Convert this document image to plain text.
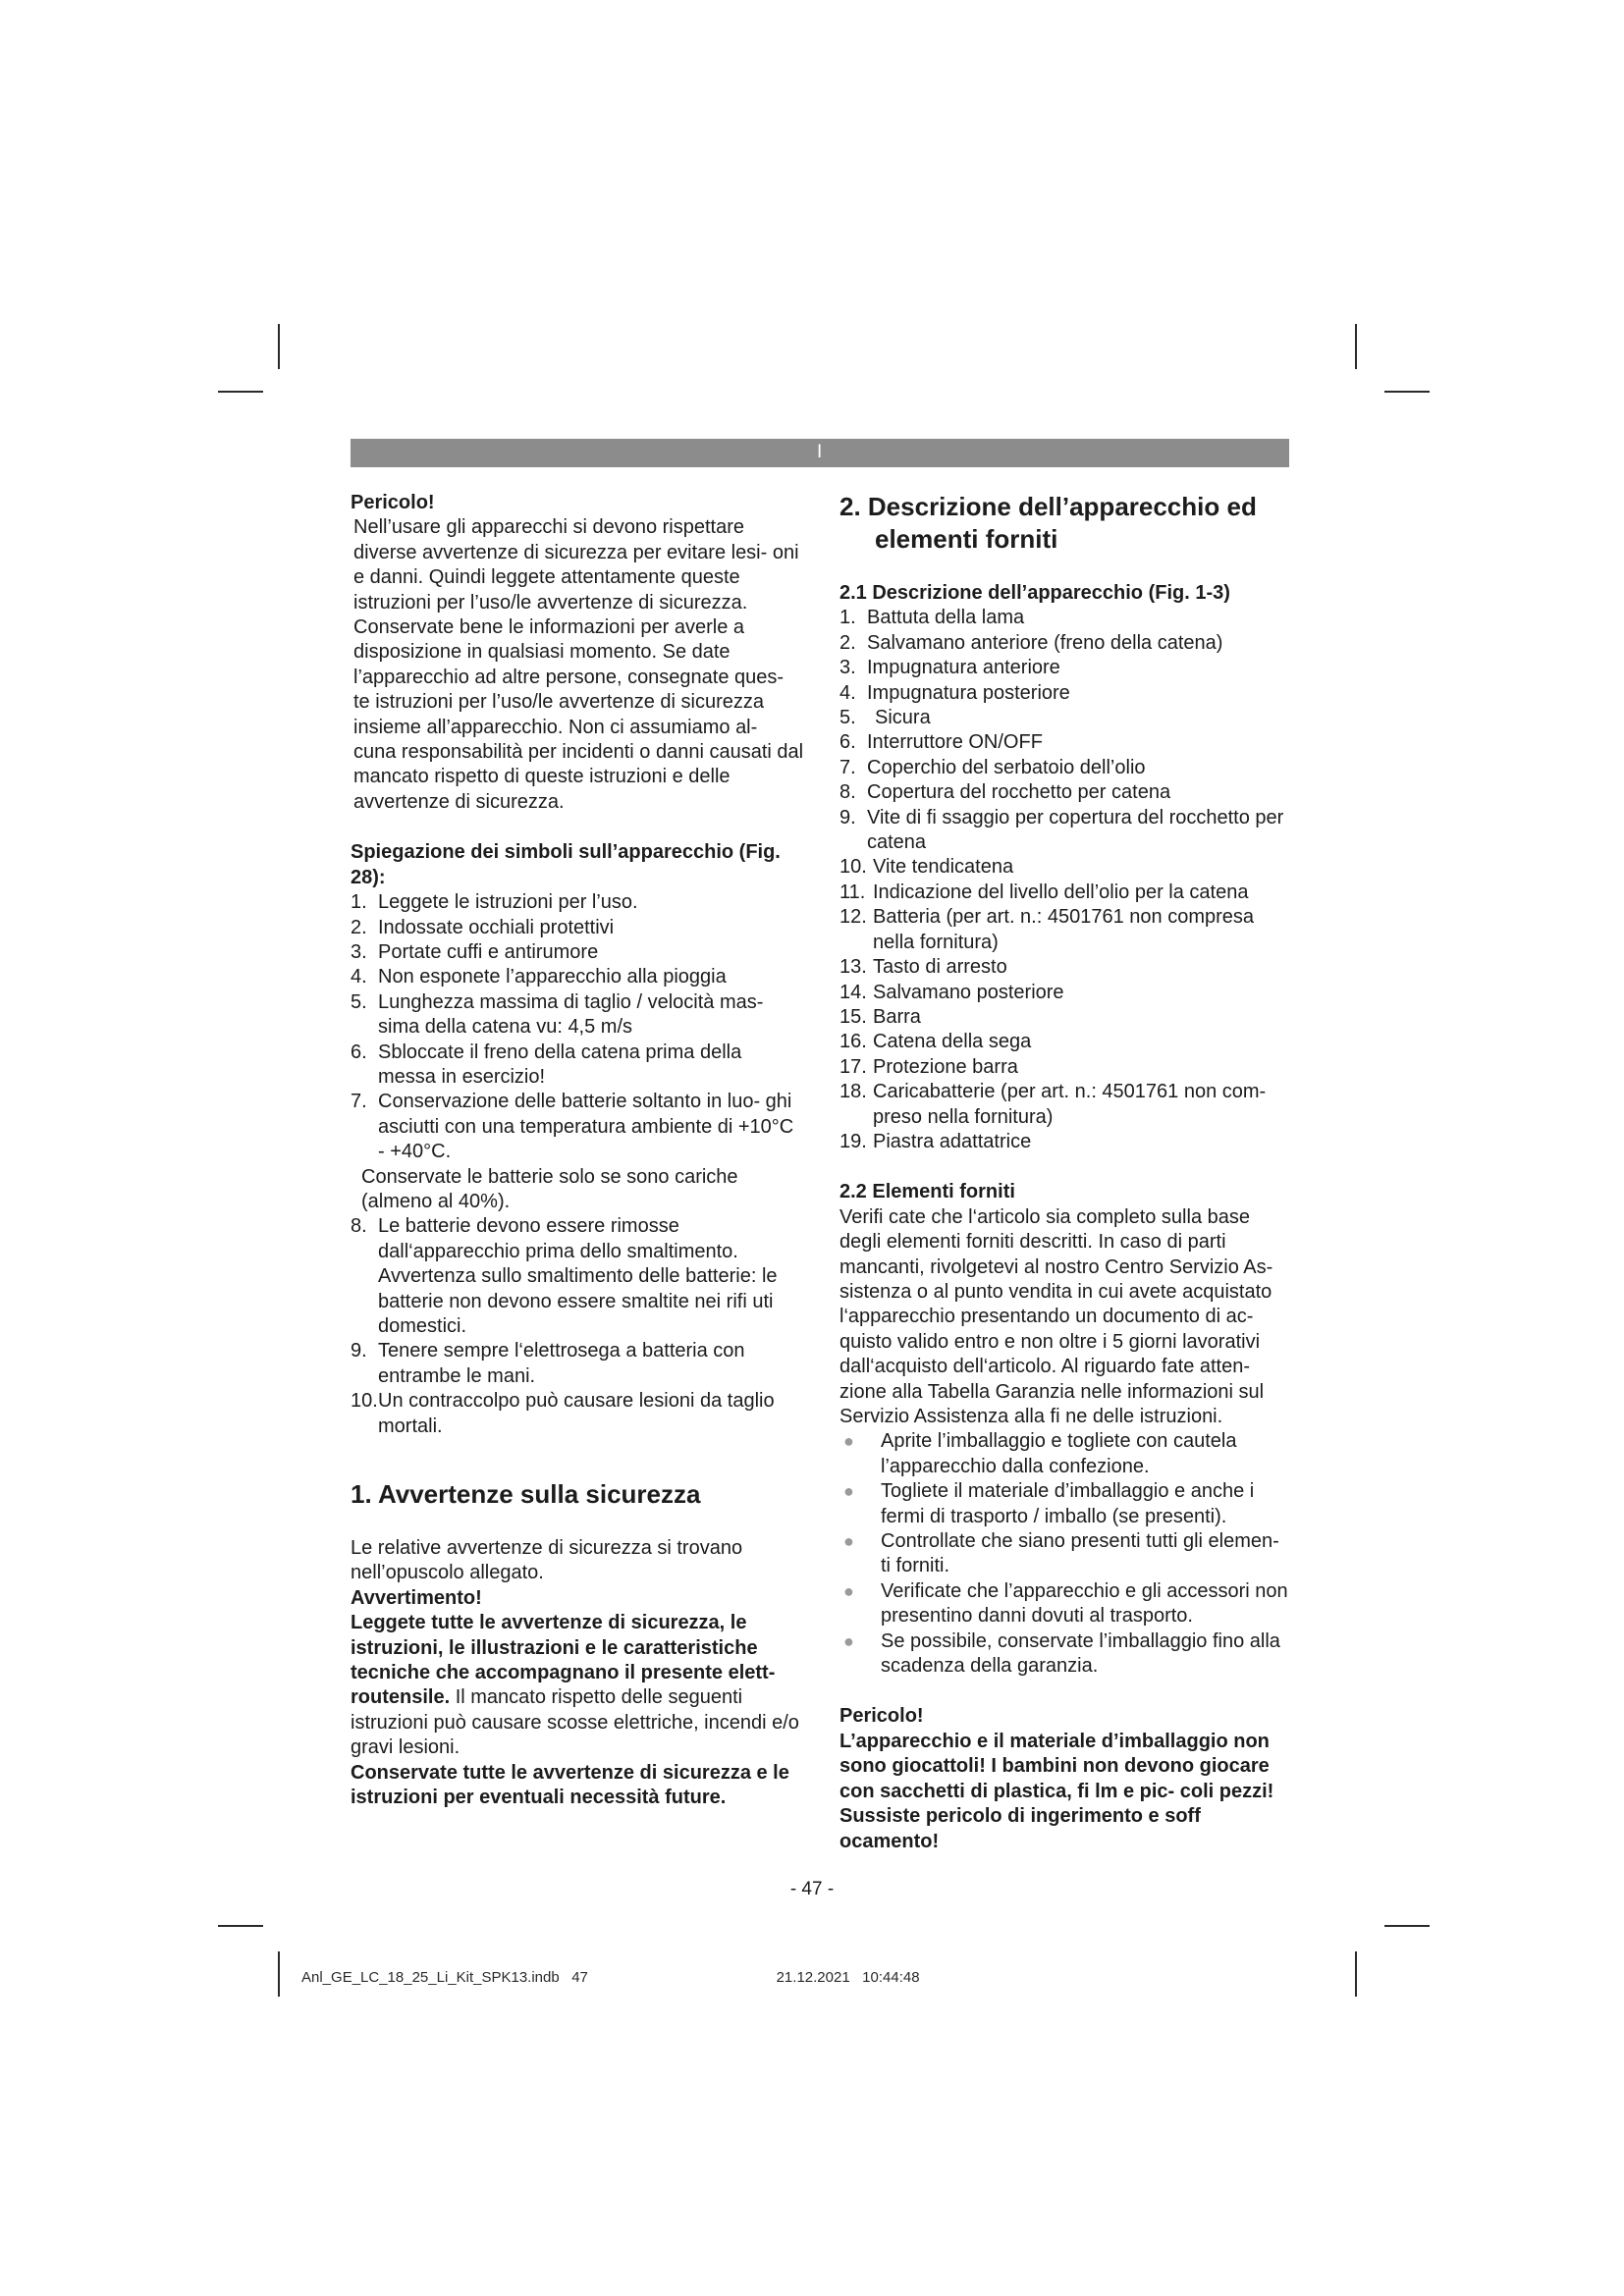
I

Pericolo!

Nell’usare gli apparecchi si devono rispettare diverse avvertenze di sicurezza per evitare lesi- oni e danni. Quindi leggete attentamente queste istruzioni per l’uso/le avvertenze di sicurezza. Conservate bene le informazioni per averle a disposizione in qualsiasi momento. Se date l’apparecchio ad altre persone, consegnate ques- te istruzioni per l’uso/le avvertenze di sicurezza insieme all’apparecchio. Non ci assumiamo al- cuna responsabilità per incidenti o danni causati dal mancato rispetto di queste istruzioni e delle avvertenze di sicurezza.

Spiegazione dei simboli sull’apparecchio (Fig. 28):

1. Leggete le istruzioni per l’uso.
2. Indossate occhiali protettivi
3. Portate cuffi e antirumore
4. Non esponete l’apparecchio alla pioggia
5. Lunghezza massima di taglio / velocità mas- sima della catena vu: 4,5 m/s
6. Sbloccate il freno della catena prima della messa in esercizio!
7. Conservazione delle batterie soltanto in luo- ghi asciutti con una temperatura ambiente di +10°C - +40°C.

Conservate le batterie solo se sono cariche (almeno al 40%).

8. Le batterie devono essere rimosse dall‘apparecchio prima dello smaltimento. Avvertenza sullo smaltimento delle batterie: le batterie non devono essere smaltite nei rifi uti domestici.
9. Tenere sempre l‘elettrosega a batteria con entrambe le mani.
10. Un contraccolpo può causare lesioni da taglio mortali.

1. Avvertenze sulla sicurezza

Le relative avvertenze di sicurezza si trovano nell’opuscolo allegato.

Avvertimento!

Leggete tutte le avvertenze di sicurezza, le istruzioni, le illustrazioni e le caratteristiche tecniche che accompagnano il presente elett- routensile. Il mancato rispetto delle seguenti istruzioni può causare scosse elettriche, incendi e/o gravi lesioni.

Conservate tutte le avvertenze di sicurezza e le istruzioni per eventuali necessità future.

2. Descrizione dell’apparecchio ed elementi forniti

2.1 Descrizione dell’apparecchio (Fig. 1-3)

1. Battuta della lama
2. Salvamano anteriore (freno della catena)
3. Impugnatura anteriore
4. Impugnatura posteriore
5. Sicura
6. Interruttore ON/OFF
7. Coperchio del serbatoio dell’olio
8. Copertura del rocchetto per catena
9. Vite di fi ssaggio per copertura del rocchetto per catena
10. Vite tendicatena
11. Indicazione del livello dell’olio per la catena
12. Batteria (per art. n.: 4501761 non compresa nella fornitura)
13. Tasto di arresto
14. Salvamano posteriore
15. Barra
16. Catena della sega
17. Protezione barra
18. Caricabatterie (per art. n.: 4501761 non com- preso nella fornitura)
19. Piastra adattatrice

2.2 Elementi forniti

Verifi cate che l‘articolo sia completo sulla base degli elementi forniti descritti. In caso di parti mancanti, rivolgetevi al nostro Centro Servizio As- sistenza o al punto vendita in cui avete acquistato l‘apparecchio presentando un documento di ac- quisto valido entro e non oltre i 5 giorni lavorativi dall‘acquisto dell‘articolo. Al riguardo fate atten- zione alla Tabella Garanzia nelle informazioni sul Servizio Assistenza alla fi ne delle istruzioni.

● Aprite l’imballaggio e togliete con cautela l’apparecchio dalla confezione.
● Togliete il materiale d’imballaggio e anche i fermi di trasporto / imballo (se presenti).
● Controllate che siano presenti tutti gli elemen- ti forniti.
● Verificate che l’apparecchio e gli accessori non presentino danni dovuti al trasporto.
● Se possibile, conservate l’imballaggio fino alla scadenza della garanzia.

Pericolo!

L’apparecchio e il materiale d’imballaggio non sono giocattoli! I bambini non devono giocare con sacchetti di plastica, fi lm e pic- coli pezzi! Sussiste pericolo di ingerimento e soff ocamento!

- 47 -
Anl_GE_LC_18_25_Li_Kit_SPK13.indb   47                                              21.12.2021   10:44:48
